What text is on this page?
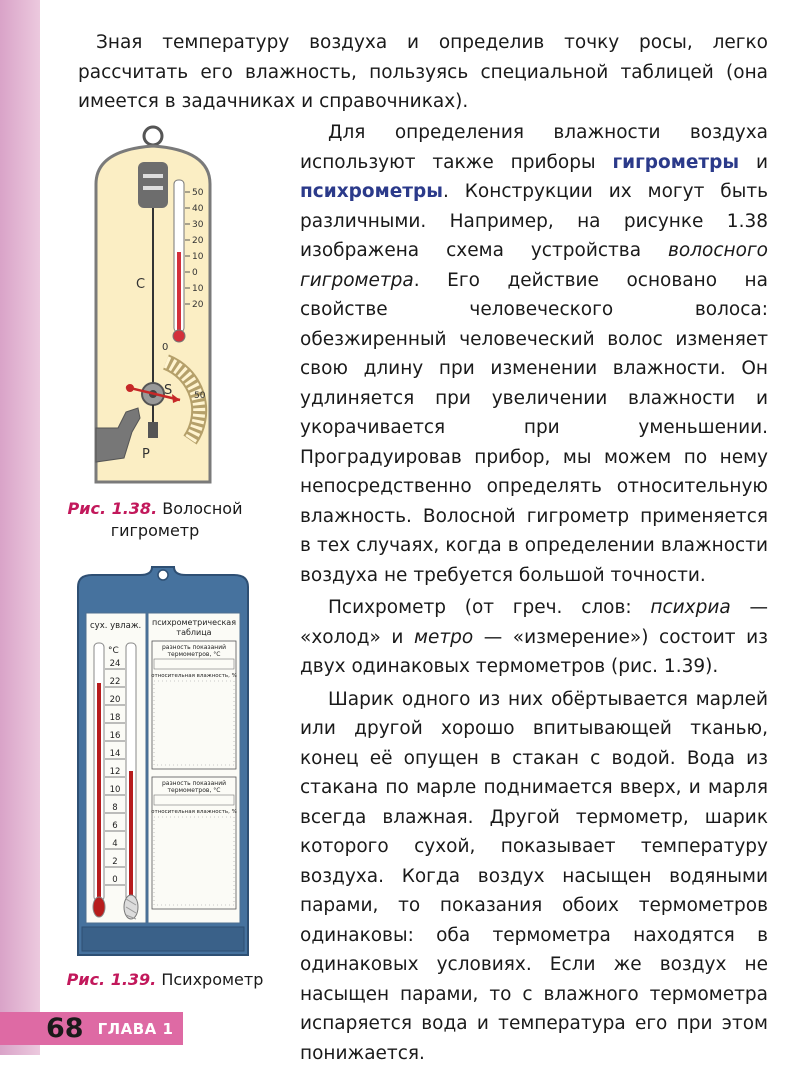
Зная температуру воздуха и определив точку росы, легко рассчитать его влажность, пользуясь специальной таблицей (она имеется в задачниках и справочниках).

Для определения влажности воздуха используют также приборы гигрометры и психрометры. Конструкции их могут быть различными. Например, на рисунке 1.38 изображена схема устройства волосного гигрометра. Его действие основано на свойстве человеческого волоса: обезжиренный человеческий волос изменяет свою длину при изменении влажности. Он удлиняется при увеличении влажности и укорачивается при уменьшении. Проградуировав прибор, мы можем по нему непосредственно определять относительную влажность. Волосной гигрометр применяется в тех случаях, когда в определении влажности воздуха не требуется большой точности.

Психрометр (от греч. слов: психриа — «холод» и метро — «измерение») состоит из двух одинаковых термометров (рис. 1.39).

Шарик одного из них обёртывается марлей или другой хорошо впитывающей тканью, конец её опущен в стакан с водой. Вода из стакана по марле поднимается вверх, и марля всегда влажная. Другой термометр, шарик которого сухой, показывает температуру воздуха. Когда воздух насыщен водяными парами, то показания обоих термометров одинаковы: оба термометра находятся в одинаковых условиях. Если же воздух не насыщен парами, то с влажного термометра испаряется вода и температура его при этом понижается.

50
40
30
20
10
0
10
20
C
0
50
S
P
Рис. 1.38. Волосной гигрометр
сух. увлаж. психрометрическая
таблица
°C
24
22
20
18
16
14
12
10
8
6
4
2
0
разность показаний
термометров, °C
относительная влажность, %
разность показаний
термометров, °C
относительная влажность, %
Рис. 1.39. Психрометр
68 ГЛАВА 1
